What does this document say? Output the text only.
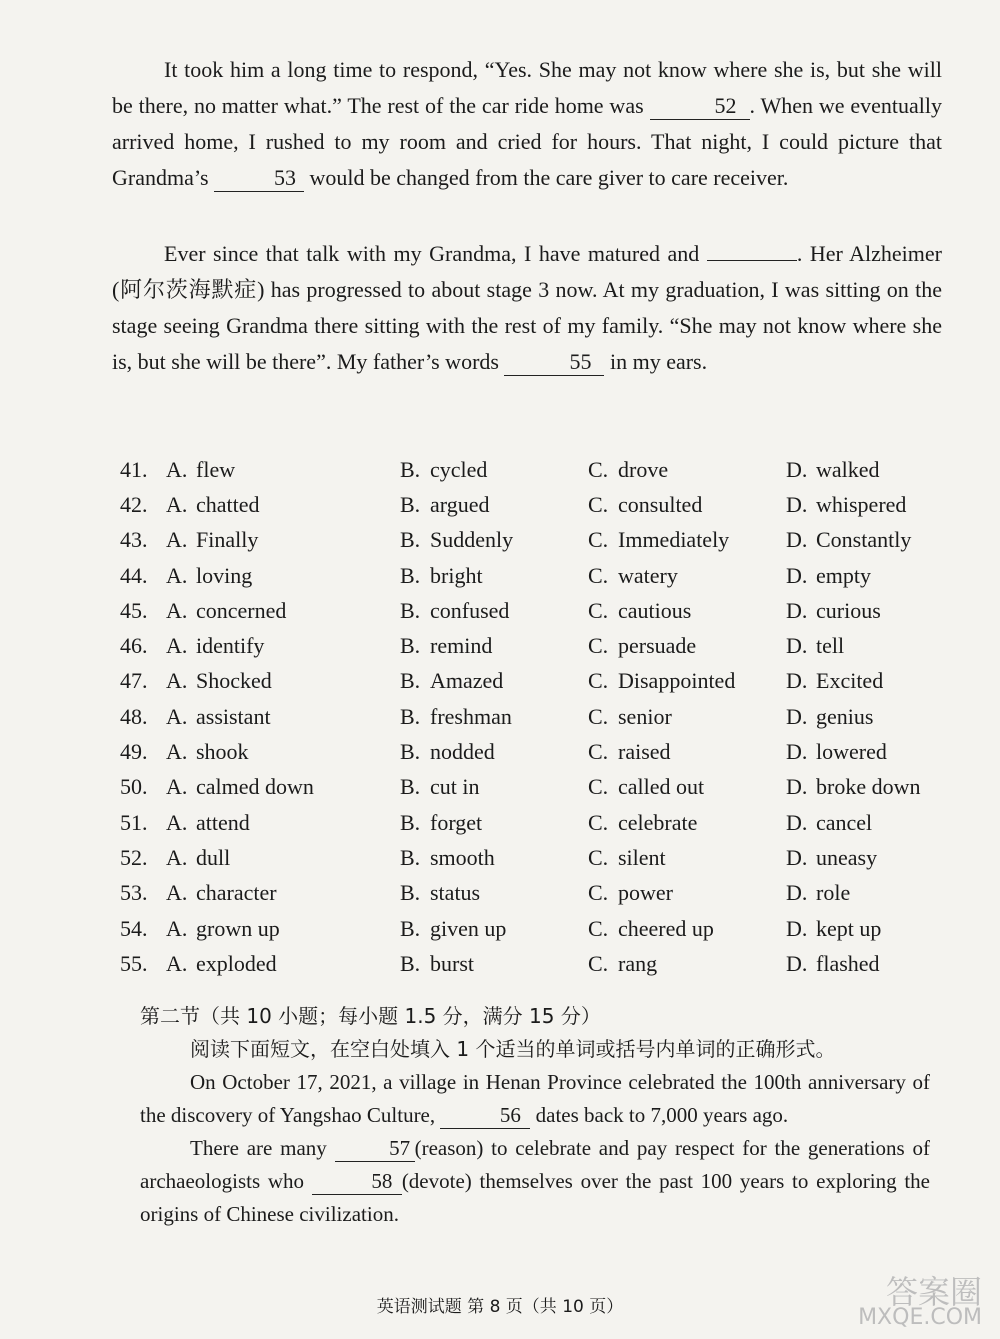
It took him a long time to respond, “Yes. She may not know where she is, but she will be there, no matter what.” The rest of the car ride home was	52 . When we eventually arrived home, I rushed to my room and cried for hours. That night, I could picture that Grandma’s	53 would be changed from the care giver to care receiver.

Ever since that talk with my Grandma, I have matured and	. Her Alzheimer (阿尔茨海默症) has progressed to about stage 3 now. At my graduation, I was sitting on the stage seeing Grandma there sitting with the rest of my family. “She may not know where she is, but she will be there”. My father’s words	55 in my ears.

41. A. flew	B. cycled	C. drove	D. walked
42. A. chatted	B. argued	C. consulted	D. whispered
43. A. Finally	B. Suddenly	C. Immediately	D. Constantly
44. A. loving	B. bright	C. watery	D. empty
45. A. concerned	B. confused	C. cautious	D. curious
46. A. identify	B. remind	C. persuade	D. tell
47. A. Shocked	B. Amazed	C. Disappointed D. Excited
48. A. assistant	B. freshman	C. senior	D. genius
49. A. shook	B. nodded	C. raised	D. lowered
50. A. calmed down	B. cut in	C. called out	D. broke down
51. A. attend	B. forget	C. celebrate	D. cancel
52. A. dull	B. smooth	C. silent	D. uneasy
53. A. character	B. status	C. power	D. role
54. A. grown up	B. given up	C. cheered up	D. kept up
55. A. exploded	B. burst	C. rang	D. flashed

第二节（共 10 小题；每小题 1.5 分，满分 15 分）

阅读下面短文，在空白处填入 1 个适当的单词或括号内单词的正确形式。

On October 17, 2021, a village in Henan Province celebrated the 100th anniversary of the discovery of Yangshao Culture,	56 dates back to 7,000 years ago.

There are many	57 (reason) to celebrate and pay respect for the generations of archaeologists who	58 (devote) themselves over the past 100 years to exploring the origins of Chinese civilization.

英语测试题 第 8 页（共 10 页）	答案圈
MXQE.COM
